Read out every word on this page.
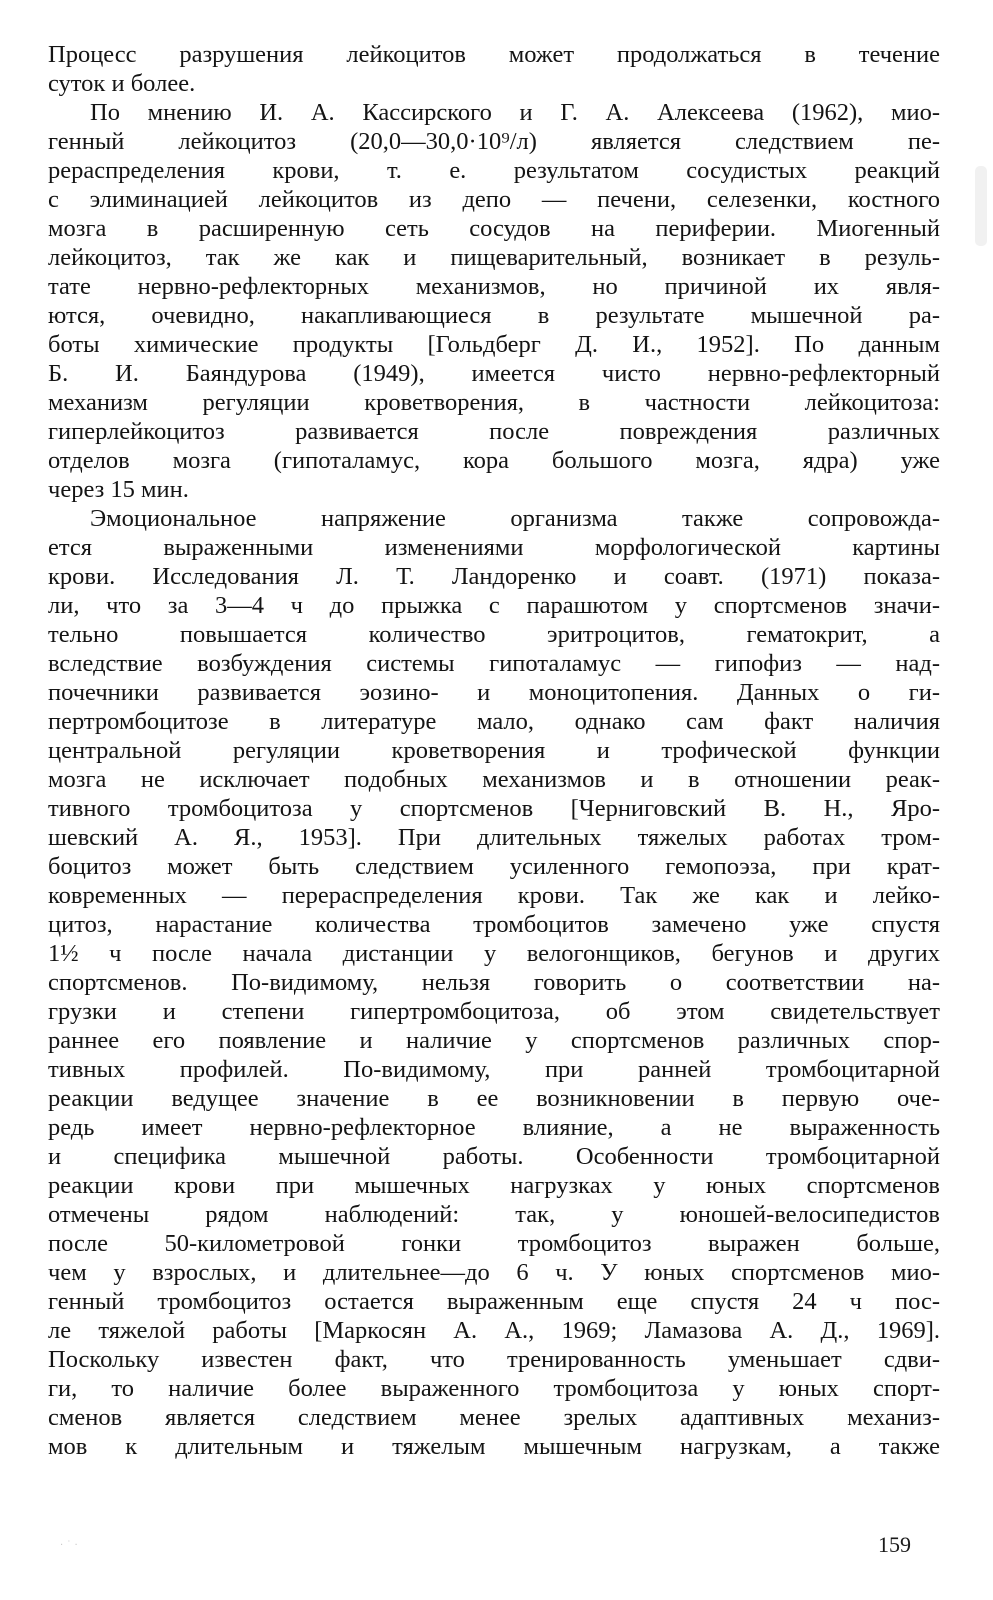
Процесс разрушения лейкоцитов может продолжаться в течение
суток и более.
По мнению И. А. Кассирского и Г. А. Алексеева (1962), мио-
генный лейкоцитоз (20,0—30,0·10⁹/л) является следствием пе-
рераспределения крови, т. е. результатом сосудистых реакций
с элиминацией лейкоцитов из депо — печени, селезенки, костного
мозга в расширенную сеть сосудов на периферии. Миогенный
лейкоцитоз, так же как и пищеварительный, возникает в резуль-
тате нервно-рефлекторных механизмов, но причиной их явля-
ются, очевидно, накапливающиеся в результате мышечной ра-
боты химические продукты [Гольдберг Д. И., 1952]. По данным
Б. И. Баяндурова (1949), имеется чисто нервно-рефлекторный
механизм регуляции кроветворения, в частности лейкоцитоза:
гиперлейкоцитоз развивается после повреждения различных
отделов мозга (гипоталамус, кора большого мозга, ядра) уже
через 15 мин.
Эмоциональное напряжение организма также сопровождa-
ется выраженными изменениями морфологической картины
крови. Исследования Л. Т. Ландоренко и соавт. (1971) показа-
ли, что за 3—4 ч до прыжка с парашютом у спортсменов значи-
тельно повышается количество эритроцитов, гематокрит, а
вследствие возбуждения системы гипоталамус — гипофиз — над-
почечники развивается эозино- и моноцитопения. Данных о ги-
пертромбоцитозе в литературе мало, однако сам факт наличия
центральной регуляции кроветворения и трофической функции
мозга не исключает подобных механизмов и в отношении реак-
тивного тромбоцитоза у спортсменов [Черниговский В. Н., Яро-
шевский А. Я., 1953]. При длительных тяжелых работах тром-
боцитоз может быть следствием усиленного гемопоэза, при крат-
ковременных — перераспределения крови. Так же как и лейко-
цитоз, нарастание количества тромбоцитов замечено уже спустя
1½ ч после начала дистанции у велогонщиков, бегунов и других
спортсменов. По-видимому, нельзя говорить о соответствии на-
грузки и степени гипертромбоцитоза, об этом свидетельствует
раннее его появление и наличие у спортсменов различных спор-
тивных профилей. По-видимому, при ранней тромбоцитарной
реакции ведущее значение в ее возникновении в первую оче-
редь имеет нервно-рефлекторное влияние, а не выраженность
и специфика мышечной работы. Особенности тромбоцитарной
реакции крови при мышечных нагрузках у юных спортсменов
отмечены рядом наблюдений: так, у юношей-велосипедистов
после 50-километровой гонки тромбоцитоз выражен больше,
чем у взрослых, и длительнее—до 6 ч. У юных спортсменов мио-
генный тромбоцитоз остается выраженным еще спустя 24 ч пос-
ле тяжелой работы [Маркосян А. А., 1969; Ламазова А. Д., 1969].
Поскольку известен факт, что тренированность уменьшает сдви-
ги, то наличие более выраженного тромбоцитоза у юных спорт-
сменов является следствием менее зрелых адаптивных механиз-
мов к длительным и тяжелым мышечным нагрузкам, а также
159
· ˙ ·
